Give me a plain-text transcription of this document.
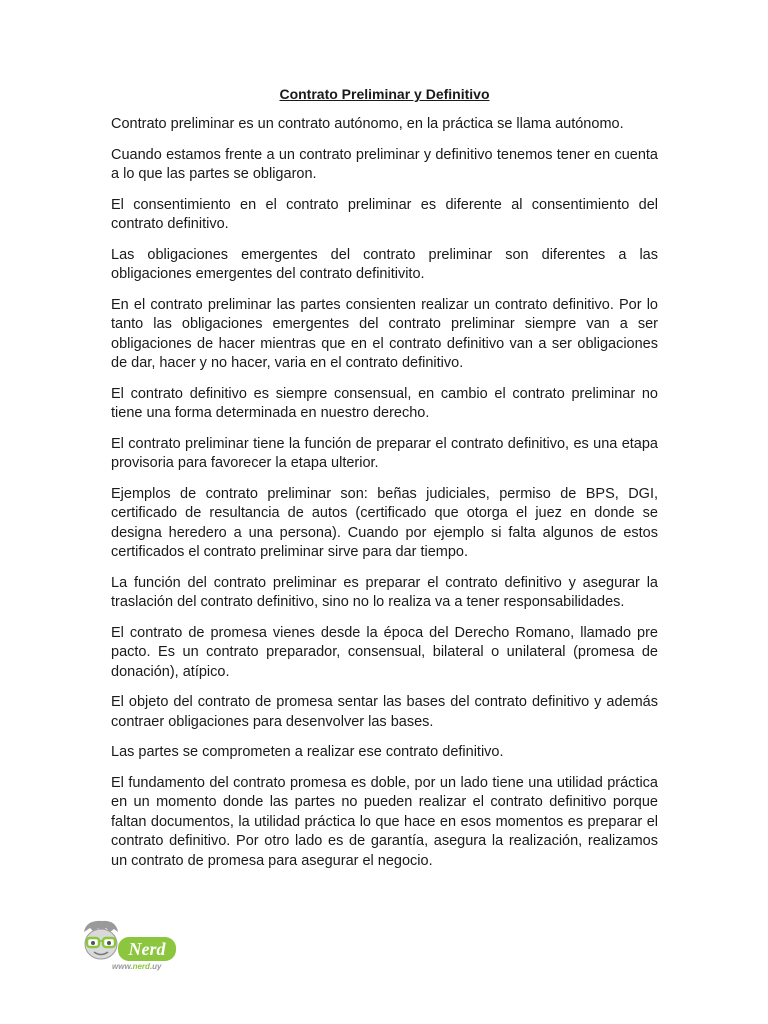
Contrato Preliminar y Definitivo

Contrato preliminar es un contrato autónomo, en la práctica se llama autónomo.

Cuando estamos frente a un contrato preliminar y definitivo tenemos tener en cuenta a lo que las partes se obligaron.

El consentimiento en el contrato preliminar es diferente al consentimiento del contrato definitivo.

Las obligaciones emergentes del contrato preliminar son diferentes a las obligaciones emergentes del contrato definitivito.

En el contrato preliminar las partes consienten realizar un contrato definitivo. Por lo tanto las obligaciones emergentes del contrato preliminar siempre van a ser obligaciones de hacer mientras que en el contrato definitivo van a ser obligaciones de dar, hacer y no hacer, varia en el contrato definitivo.

El contrato definitivo es siempre consensual, en cambio el contrato preliminar no tiene una forma determinada en nuestro derecho.

El contrato preliminar tiene la función de preparar el contrato definitivo, es una etapa provisoria para favorecer la etapa ulterior.

Ejemplos de contrato preliminar son: beñas judiciales, permiso de BPS, DGI, certificado de resultancia de autos (certificado que otorga el juez en donde se designa heredero a una persona). Cuando por ejemplo si falta algunos de estos certificados el contrato preliminar sirve para dar tiempo.

La función del contrato preliminar es preparar el contrato definitivo y asegurar la traslación del contrato definitivo, sino no lo realiza va a tener responsabilidades.

El contrato de promesa vienes desde la época del Derecho Romano, llamado pre pacto. Es un contrato preparador, consensual, bilateral o unilateral (promesa de donación), atípico.

El objeto del contrato de promesa sentar las bases del contrato definitivo y además contraer obligaciones para desenvolver las bases.

Las partes se comprometen a realizar ese contrato definitivo.

El fundamento del contrato promesa es doble, por un lado tiene una utilidad práctica en un momento donde las partes no pueden realizar el contrato definitivo porque faltan documentos, la utilidad práctica lo que hace en esos momentos es preparar el contrato definitivo. Por otro lado es de garantía, asegura la realización, realizamos un contrato de promesa para asegurar el negocio.

Nerd
www.nerd.uy
